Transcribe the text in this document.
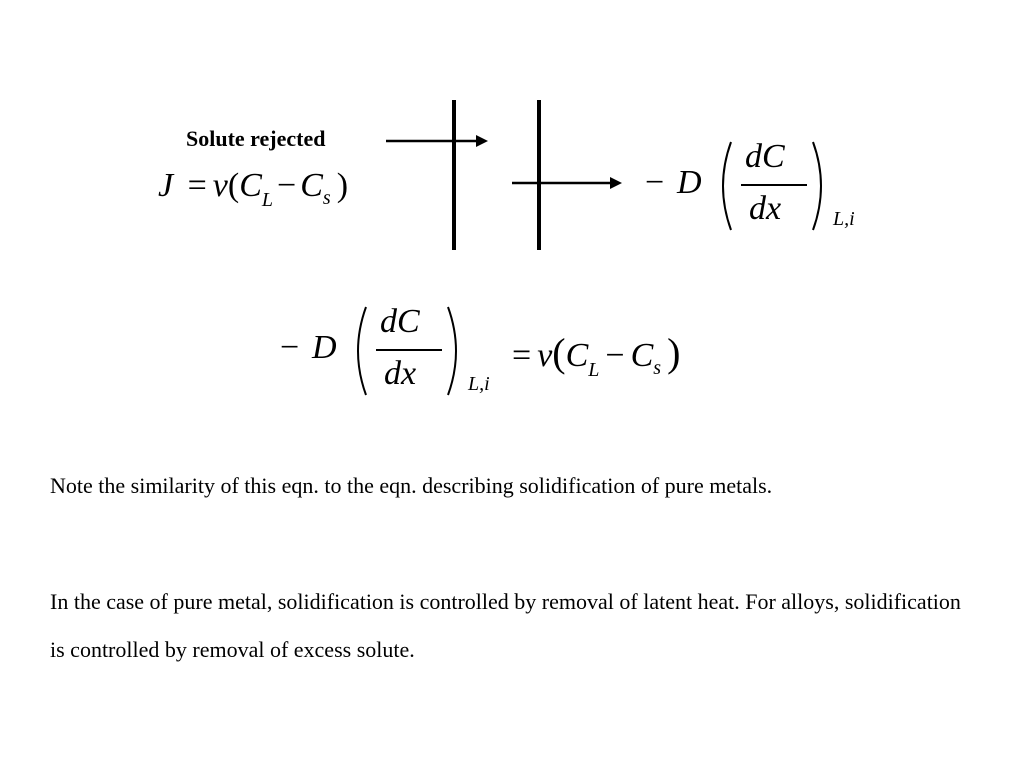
Solute rejected
$J = v(C_L - C_s$ )	− D
dC
dx	L,i
− D
dC
dx	L,i
= $v(C_L - C_s$ )
Note the similarity of this eqn. to the eqn. describing solidification of pure metals.
In the case of pure metal, solidification is controlled by removal of latent heat. For alloys, solidification is controlled by removal of excess solute.
